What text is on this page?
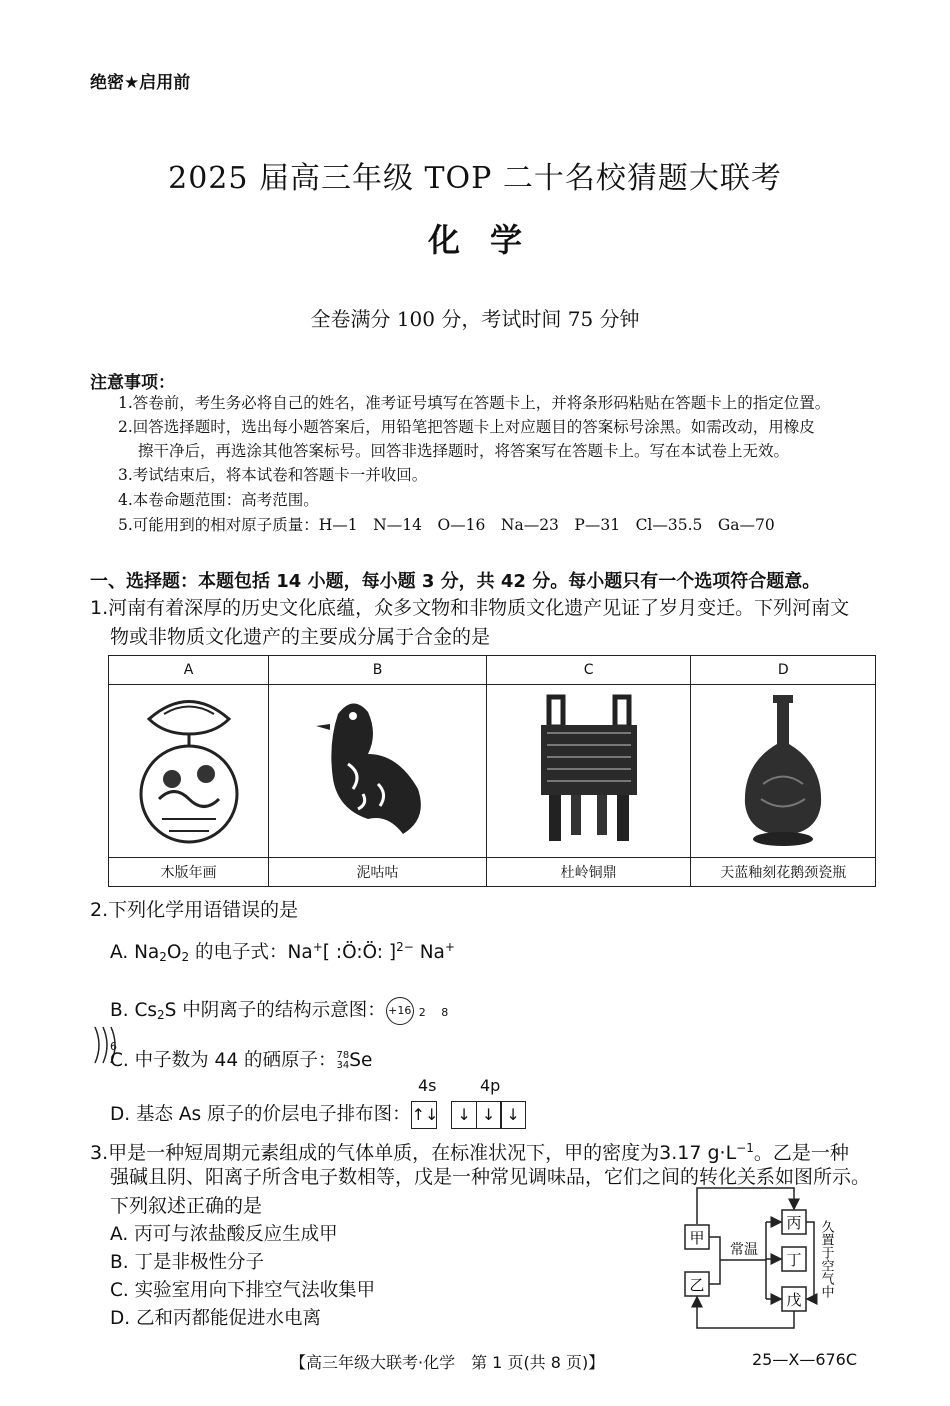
绝密★启用前
2025 届高三年级 TOP 二十名校猜题大联考
化学
全卷满分 100 分，考试时间 75 分钟
注意事项：
1.答卷前，考生务必将自己的姓名，准考证号填写在答题卡上，并将条形码粘贴在答题卡上的指定位置。
2.回答选择题时，选出每小题答案后，用铅笔把答题卡上对应题目的答案标号涂黑。如需改动，用橡皮
擦干净后，再选涂其他答案标号。回答非选择题时，将答案写在答题卡上。写在本试卷上无效。
3.考试结束后，将本试卷和答题卡一并收回。
4.本卷命题范围：高考范围。
5.可能用到的相对原子质量：H—1　N—14　O—16　Na—23　P—31　Cl—35.5　Ga—70
一、选择题：本题包括 14 小题，每小题 3 分，共 42 分。每小题只有一个选项符合题意。
1.河南有着深厚的历史文化底蕴，众多文物和非物质文化遗产见证了岁月变迁。下列河南文
物或非物质文化遗产的主要成分属于合金的是
A	B	C	D

木版年画	泥咕咕	杜岭铜鼎	天蓝釉刻花鹅颈瓷瓶
2.下列化学用语错误的是
A. $Na_2O_2$ 的电子式：Na+[ :Ö:Ö: ]$^{2-}$ Na+
B. $Cs_2S$ 中阴离子的结构示意图： +16 2 8 6
C. 中子数为 44 的硒原子： 78
34 Se
4s	4p
D. 基态 As 原子的价层电子排布图：↑↓ ↓ ↓ ↓
3.甲是一种短周期元素组成的气体单质，在标准状况下，甲的密度为3.17 $g\cdot L^{-1}$。乙是一种
强碱且阴、阳离子所含电子数相等，戊是一种常见调味品，它们之间的转化关系如图所示。
下列叙述正确的是
A. 丙可与浓盐酸反应生成甲
B. 丁是非极性分子
C. 实验室用向下排空气法收集甲
D. 乙和丙都能促进水电离
甲
乙
丙
丁
戊
常温	久置于空气中
【高三年级大联考·化学　第 1 页(共 8 页)】	25—X—676C
